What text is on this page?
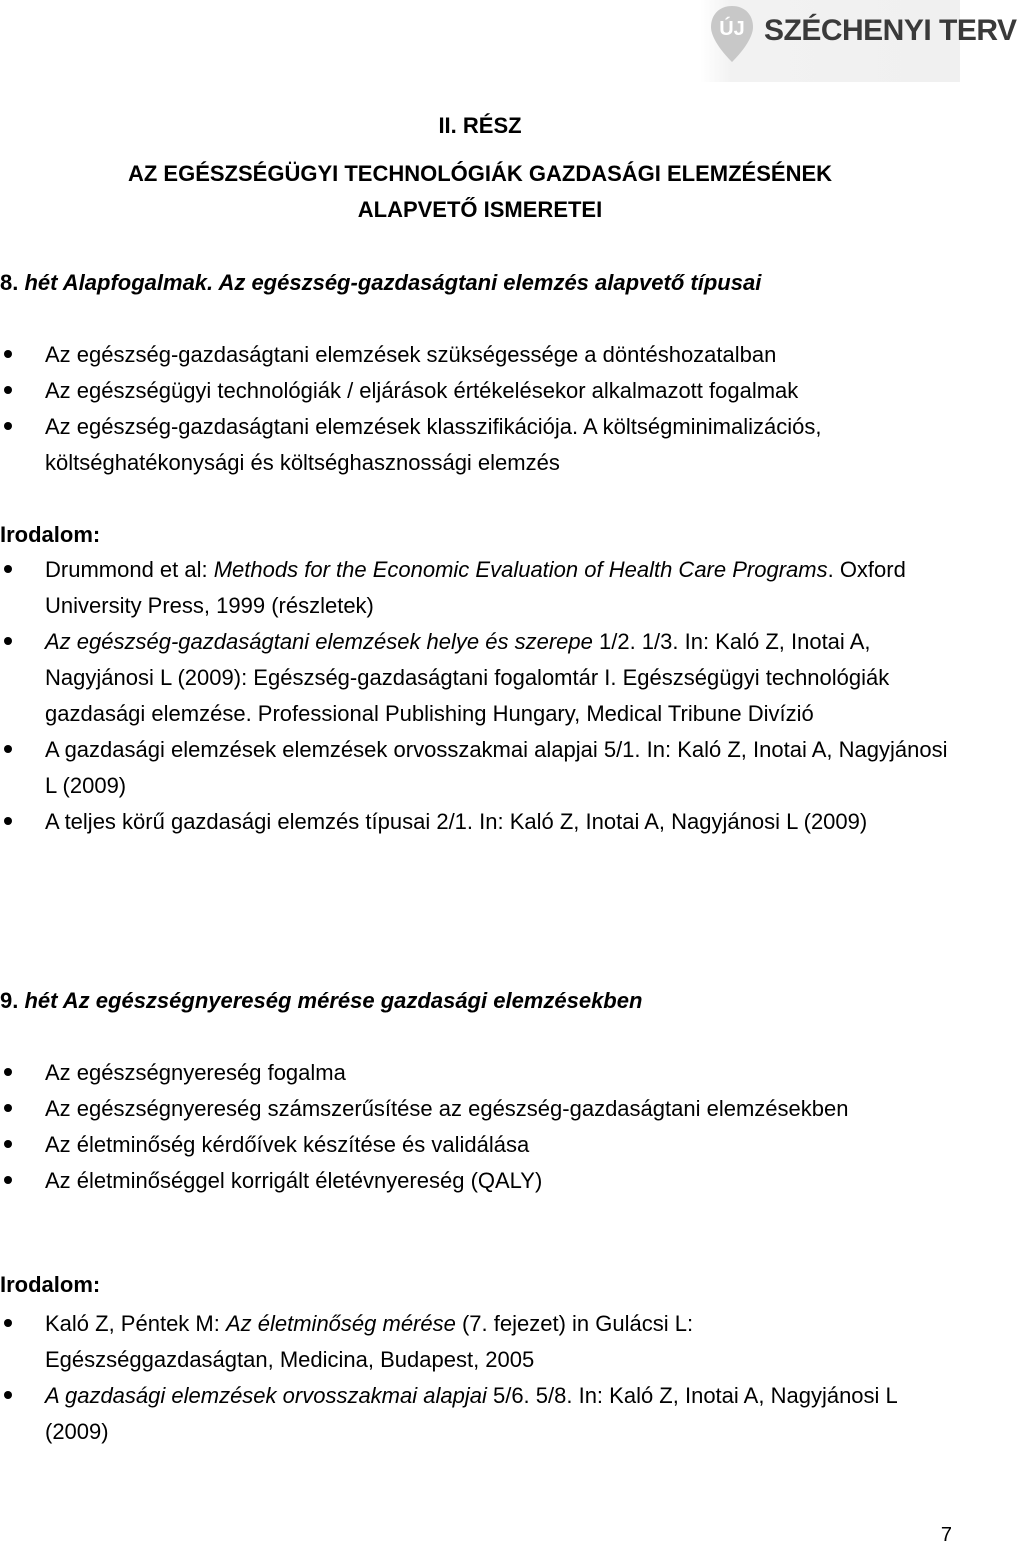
ÚJ SZÉCHENYI TERV
II. RÉSZ
AZ EGÉSZSÉGÜGYI TECHNOLÓGIÁK GAZDASÁGI ELEMZÉSÉNEK
ALAPVETŐ ISMERETEI
8. hét Alapfogalmak. Az egészség-gazdaságtani elemzés alapvető típusai
Az egészség-gazdaságtani elemzések szükségessége a döntéshozatalban
Az egészségügyi technológiák / eljárások értékelésekor alkalmazott fogalmak
Az egészség-gazdaságtani elemzések klasszifikációja. A költségminimalizációs, költséghatékonysági és költséghasznossági elemzés
Irodalom:
Drummond et al: Methods for the Economic Evaluation of Health Care Programs. Oxford University Press, 1999 (részletek)
Az egészség-gazdaságtani elemzések helye és szerepe 1/2. 1/3. In: Kaló Z, Inotai A, Nagyjánosi L (2009): Egészség-gazdaságtani fogalomtár I. Egészségügyi technológiák gazdasági elemzése. Professional Publishing Hungary, Medical Tribune Divízió
A gazdasági elemzések elemzések orvosszakmai alapjai 5/1. In: Kaló Z, Inotai A, Nagyjánosi L (2009)
A teljes körű gazdasági elemzés típusai 2/1. In: Kaló Z, Inotai A, Nagyjánosi L (2009)
9. hét Az egészségnyereség mérése gazdasági elemzésekben
Az egészségnyereség fogalma
Az egészségnyereség számszerűsítése az egészség-gazdaságtani elemzésekben
Az életminőség kérdőívek készítése és validálása
Az életminőséggel korrigált életévnyereség (QALY)
Irodalom:
Kaló Z, Péntek M: Az életminőség mérése (7. fejezet) in Gulácsi L: Egészséggazdaságtan, Medicina, Budapest, 2005
A gazdasági elemzések orvosszakmai alapjai 5/6. 5/8. In: Kaló Z, Inotai A, Nagyjánosi L (2009)
7
